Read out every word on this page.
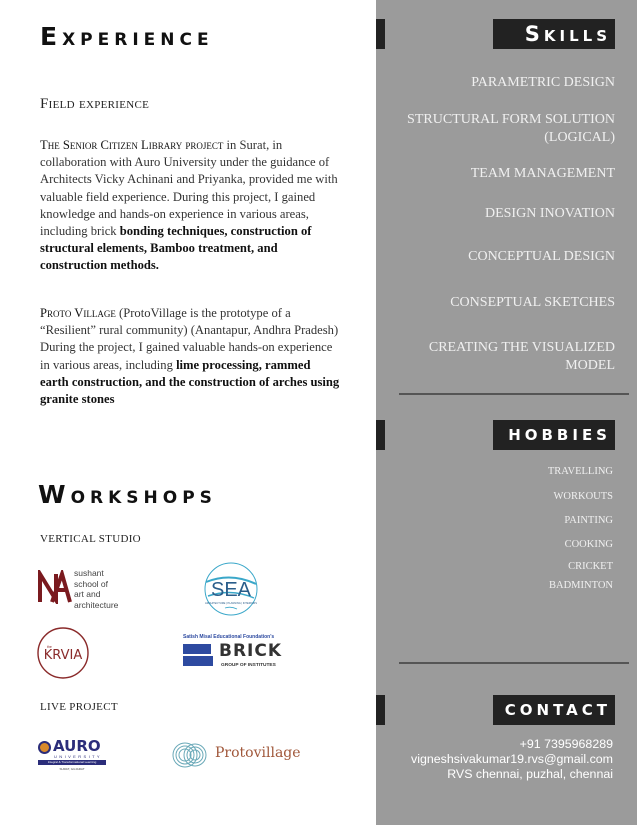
EXPERIENCE
Field experience
The Senior Citizen Library project in Surat, in collaboration with Auro University under the guidance of Architects Vicky Achinani and Priyanka, provided me with valuable field experience. During this project, I gained knowledge and hands-on experience in various areas, including brick bonding techniques, construction of structural elements, Bamboo treatment, and construction methods.
Proto Village (ProtoVillage is the prototype of a “Resilient” rural community) (Anantapur, Andhra Pradesh) During the project, I gained valuable hands-on experience in various areas, including lime processing, rammed earth construction, and the construction of arches using granite stones
WORKSHOPS
VERTICAL STUDIO
sushant
school of
art and
architecture
SEA
ARCHITECTURE | PLANNING | INTERIORS
the
KRVIA
Satish Misal Educational Foundation's
BRICK
GROUP OF INSTITUTES
LIVE PROJECT
AURO
UNIVERSITY
Integral & Transformational Learning
SURAT, GUJARAT
Protovillage
SKILLS
PARAMETRIC DESIGN
STRUCTURAL FORM SOLUTION (LOGICAL)
TEAM MANAGEMENT
DESIGN INOVATION
CONCEPTUAL DESIGN
CONSEPTUAL SKETCHES
CREATING THE VISUALIZED MODEL
HOBBIES
TRAVELLING
WORKOUTS
PAINTING
COOKING
CRICKET
BADMINTON
CONTACT
+91 7395968289
vigneshsivakumar19.rvs@gmail.com
RVS chennai, puzhal, chennai
